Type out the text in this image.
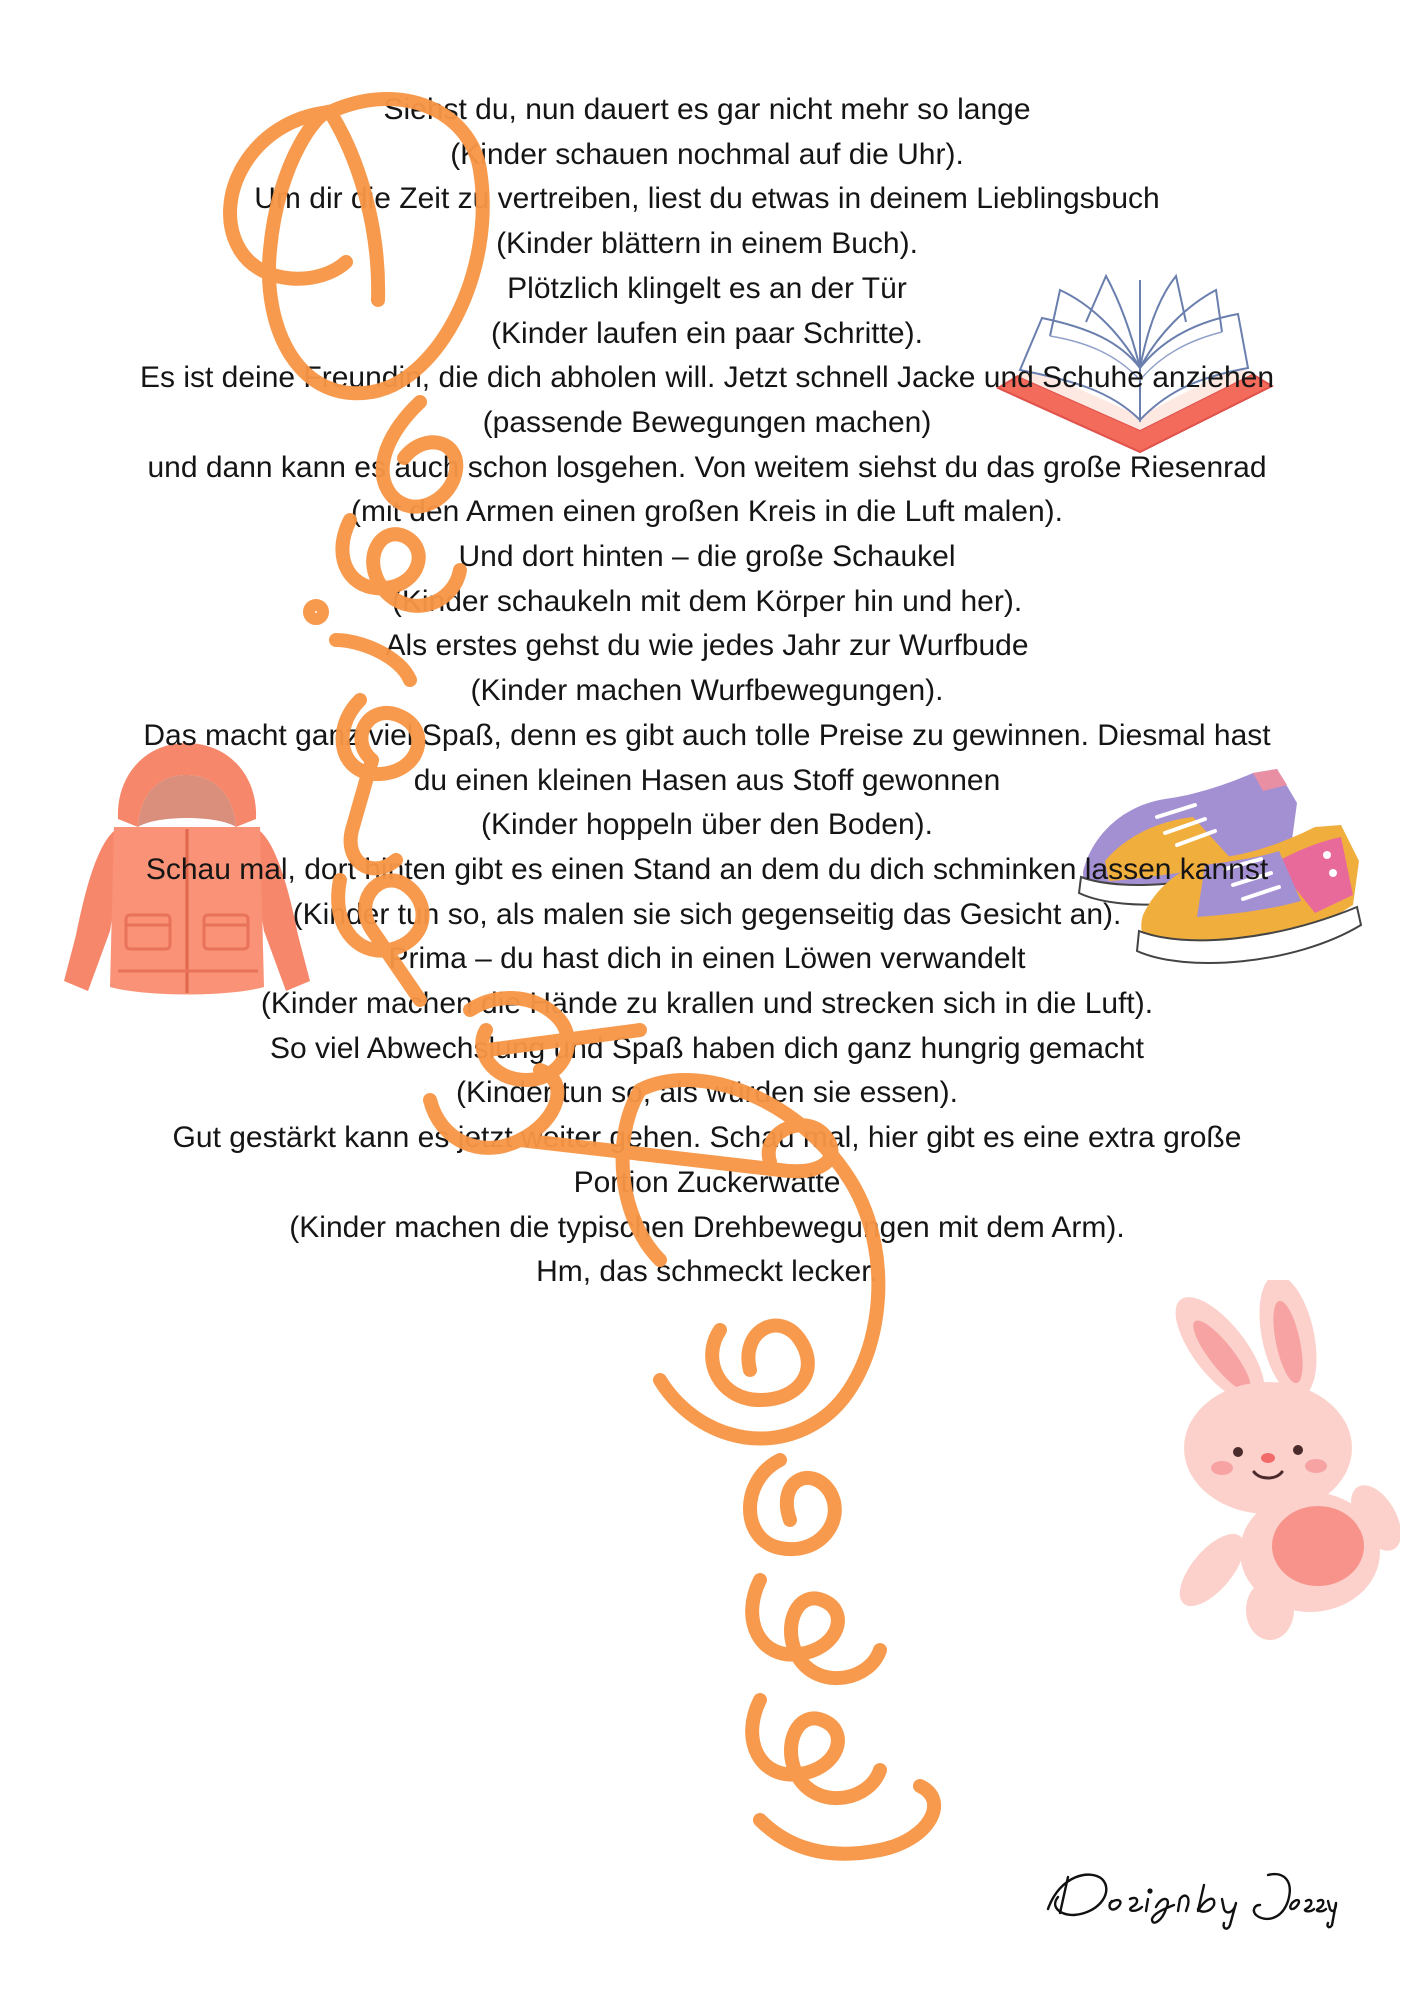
Siehst du, nun dauert es gar nicht mehr so lange
(Kinder schauen nochmal auf die Uhr).
Um dir die Zeit zu vertreiben, liest du etwas in deinem Lieblingsbuch
(Kinder blättern in einem Buch).
Plötzlich klingelt es an der Tür
(Kinder laufen ein paar Schritte).
Es ist deine Freundin, die dich abholen will. Jetzt schnell Jacke und Schuhe anziehen
(passende Bewegungen machen)
und dann kann es auch schon losgehen. Von weitem siehst du das große Riesenrad
(mit den Armen einen großen Kreis in die Luft malen).
Und dort hinten – die große Schaukel
(Kinder schaukeln mit dem Körper hin und her).
Als erstes gehst du wie jedes Jahr zur Wurfbude
(Kinder machen Wurfbewegungen).
Das macht ganz viel Spaß, denn es gibt auch tolle Preise zu gewinnen. Diesmal hast
du einen kleinen Hasen aus Stoff gewonnen
(Kinder hoppeln über den Boden).
Schau mal, dort hinten gibt es einen Stand an dem du dich schminken lassen kannst
(Kinder tun so, als malen sie sich gegenseitig das Gesicht an).
Prima – du hast dich in einen Löwen verwandelt
(Kinder machen die Hände zu krallen und strecken sich in die Luft).
So viel Abwechslung und Spaß haben dich ganz hungrig gemacht
(Kinder tun so, als würden sie essen).
Gut gestärkt kann es jetzt weiter gehen. Schau mal, hier gibt es eine extra große
Portion Zuckerwatte
(Kinder machen die typischen Drehbewegungen mit dem Arm).
Hm, das schmeckt lecker.
